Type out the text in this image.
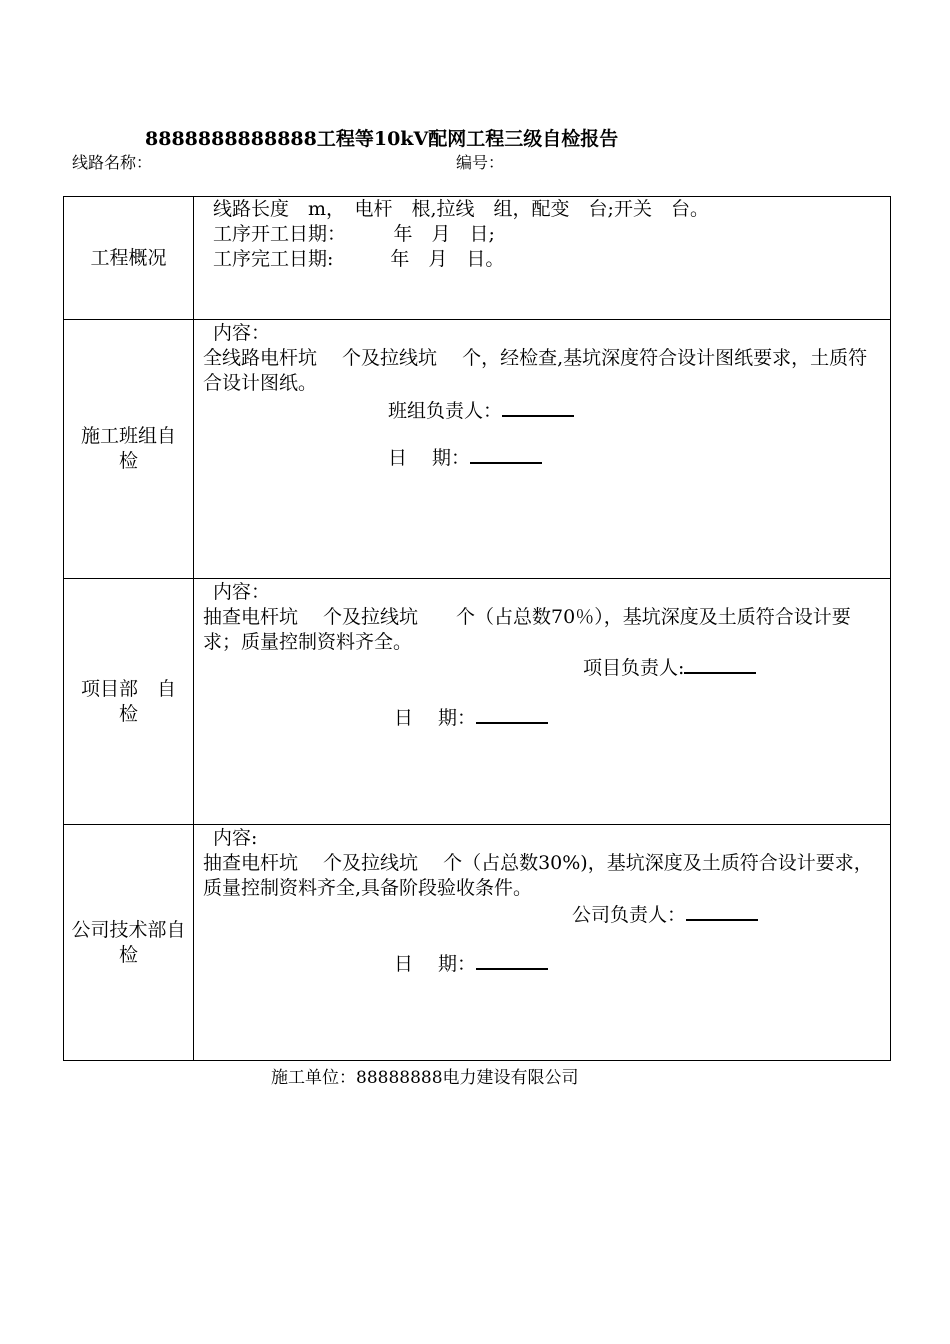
8888888888888工程等10kV配网工程三级自检报告
线路名称：	编号：
工程概况	线路长度　m，　电杆　根,拉线　组，配变　台;开关　台。
工序开工日期：　　　年　月　日;
工序完工日期:　　　年　月　日。

施工班组自检	内容：
全线路电杆坑　 个及拉线坑　 个，经检查,基坑深度符合设计图纸要求，土质符合设计图纸。
班组负责人：
日　 期：

项目部　自检	内容：
抽查电杆坑　 个及拉线坑　　个（占总数70％），基坑深度及土质符合设计要求；质量控制资料齐全。
项目负责人:
日　 期：

公司技术部自检	内容:
抽查电杆坑　 个及拉线坑　 个（占总数30%)，基坑深度及土质符合设计要求，质量控制资料齐全,具备阶段验收条件。
公司负责人：
日　 期：
施工单位：88888888电力建设有限公司
